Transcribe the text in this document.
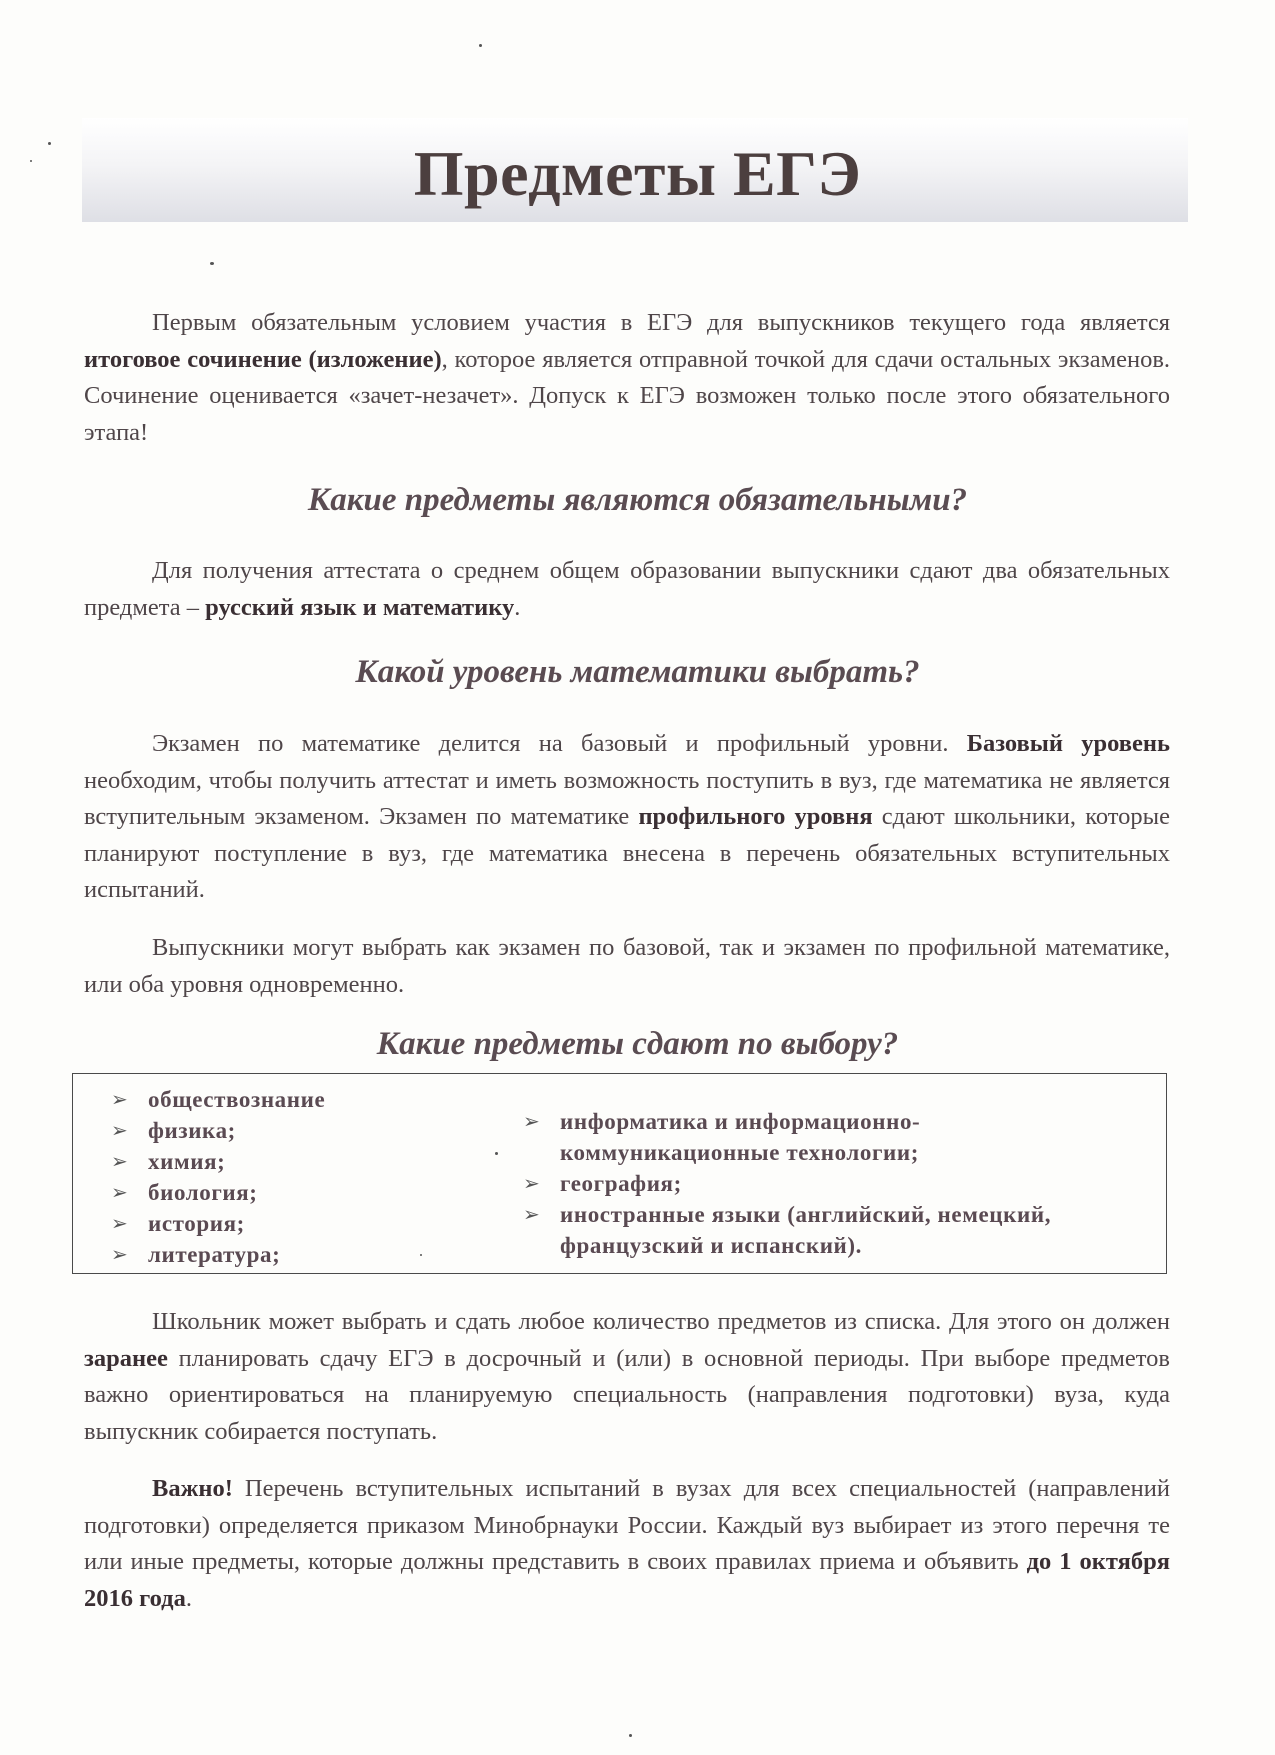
Предметы ЕГЭ

Первым обязательным условием участия в ЕГЭ для выпускников текущего года является итоговое сочинение (изложение), которое является отправной точкой для сдачи остальных экзаменов. Сочинение оценивается «зачет-незачет». Допуск к ЕГЭ возможен только после этого обязательного этапа!

Какие предметы являются обязательными?

Для получения аттестата о среднем общем образовании выпускники сдают два обязательных предмета – русский язык и математику.

Какой уровень математики выбрать?

Экзамен по математике делится на базовый и профильный уровни. Базовый уровень необходим, чтобы получить аттестат и иметь возможность поступить в вуз, где математика не является вступительным экзаменом. Экзамен по математике профильного уровня сдают школьники, которые планируют поступление в вуз, где математика внесена в перечень обязательных вступительных испытаний.

Выпускники могут выбрать как экзамен по базовой, так и экзамен по профильной математике, или оба уровня одновременно.

Какие предметы сдают по выбору?
➢ обществознание
➢ физика;
➢ химия;
➢ биология;
➢ история;
➢ литература;
➢ информатика и информационно-
коммуникационные технологии;
➢ география;
➢ иностранные языки (английский, немецкий,
французский и испанский).

Школьник может выбрать и сдать любое количество предметов из списка. Для этого он должен заранее планировать сдачу ЕГЭ в досрочный и (или) в основной периоды. При выборе предметов важно ориентироваться на планируемую специальность (направления подготовки) вуза, куда выпускник собирается поступать.

Важно! Перечень вступительных испытаний в вузах для всех специальностей (направлений подготовки) определяется приказом Минобрнауки России. Каждый вуз выбирает из этого перечня те или иные предметы, которые должны представить в своих правилах приема и объявить до 1 октября 2016 года.
